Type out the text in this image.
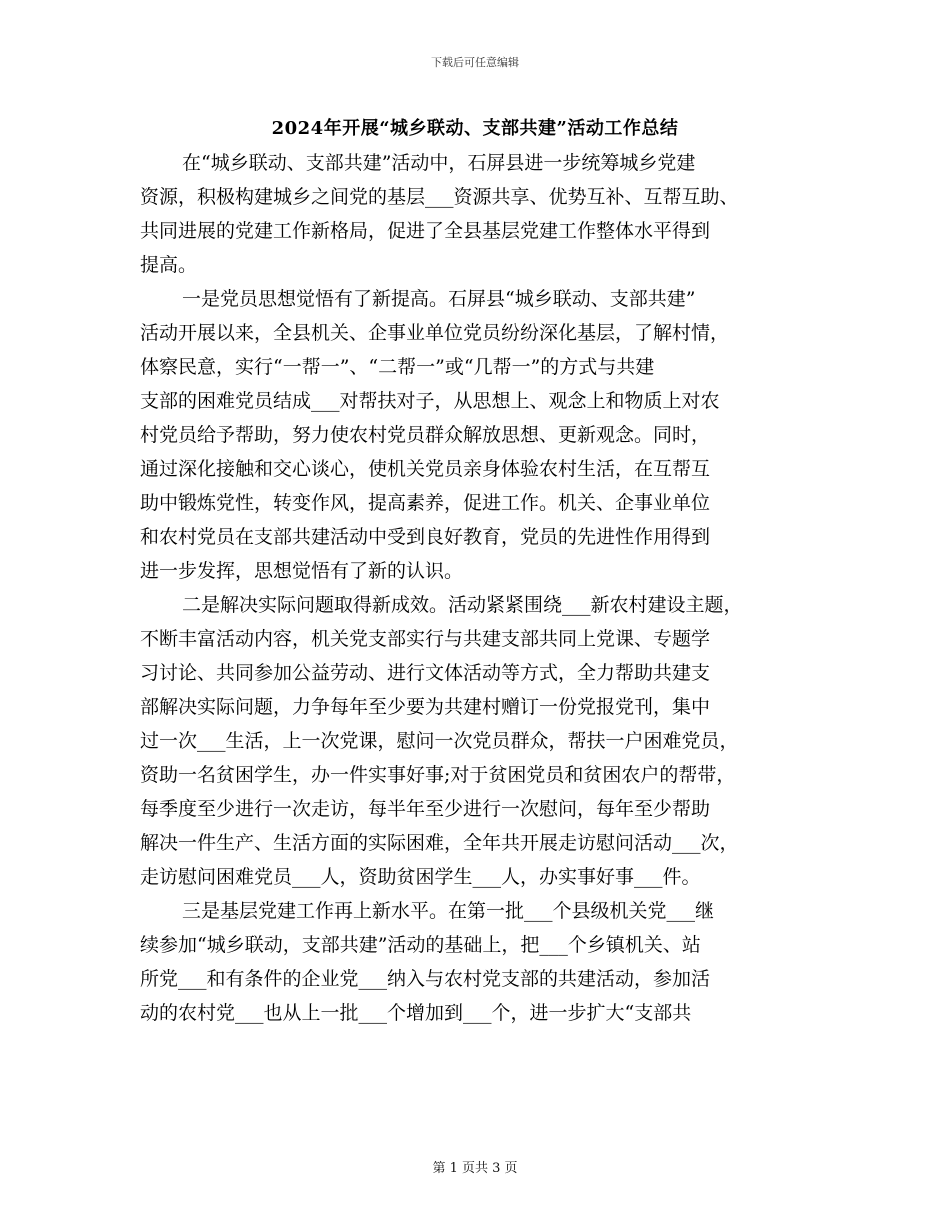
下载后可任意编辑
2024年开展“城乡联动、支部共建”活动工作总结
在“城乡联动、支部共建”活动中，石屏县进一步统筹城乡党建
资源，积极构建城乡之间党的基层___资源共享、优势互补、互帮互助、
共同进展的党建工作新格局，促进了全县基层党建工作整体水平得到
提高。
一是党员思想觉悟有了新提高。石屏县“城乡联动、支部共建”
活动开展以来，全县机关、企事业单位党员纷纷深化基层，了解村情，
体察民意，实行“一帮一”、“二帮一”或“几帮一”的方式与共建
支部的困难党员结成___对帮扶对子，从思想上、观念上和物质上对农
村党员给予帮助，努力使农村党员群众解放思想、更新观念。同时，
通过深化接触和交心谈心，使机关党员亲身体验农村生活，在互帮互
助中锻炼党性，转变作风，提高素养，促进工作。机关、企事业单位
和农村党员在支部共建活动中受到良好教育，党员的先进性作用得到
进一步发挥，思想觉悟有了新的认识。
二是解决实际问题取得新成效。活动紧紧围绕___新农村建设主题，
不断丰富活动内容，机关党支部实行与共建支部共同上党课、专题学
习讨论、共同参加公益劳动、进行文体活动等方式，全力帮助共建支
部解决实际问题，力争每年至少要为共建村赠订一份党报党刊，集中
过一次___生活，上一次党课，慰问一次党员群众，帮扶一户困难党员，
资助一名贫困学生，办一件实事好事;对于贫困党员和贫困农户的帮带，
每季度至少进行一次走访，每半年至少进行一次慰问，每年至少帮助
解决一件生产、生活方面的实际困难，全年共开展走访慰问活动___次，
走访慰问困难党员___人，资助贫困学生___人，办实事好事___件。
三是基层党建工作再上新水平。在第一批___个县级机关党___继
续参加“城乡联动，支部共建”活动的基础上，把___个乡镇机关、站
所党___和有条件的企业党___纳入与农村党支部的共建活动，参加活
动的农村党___也从上一批___个增加到___个，进一步扩大“支部共
第 1 页共 3 页
